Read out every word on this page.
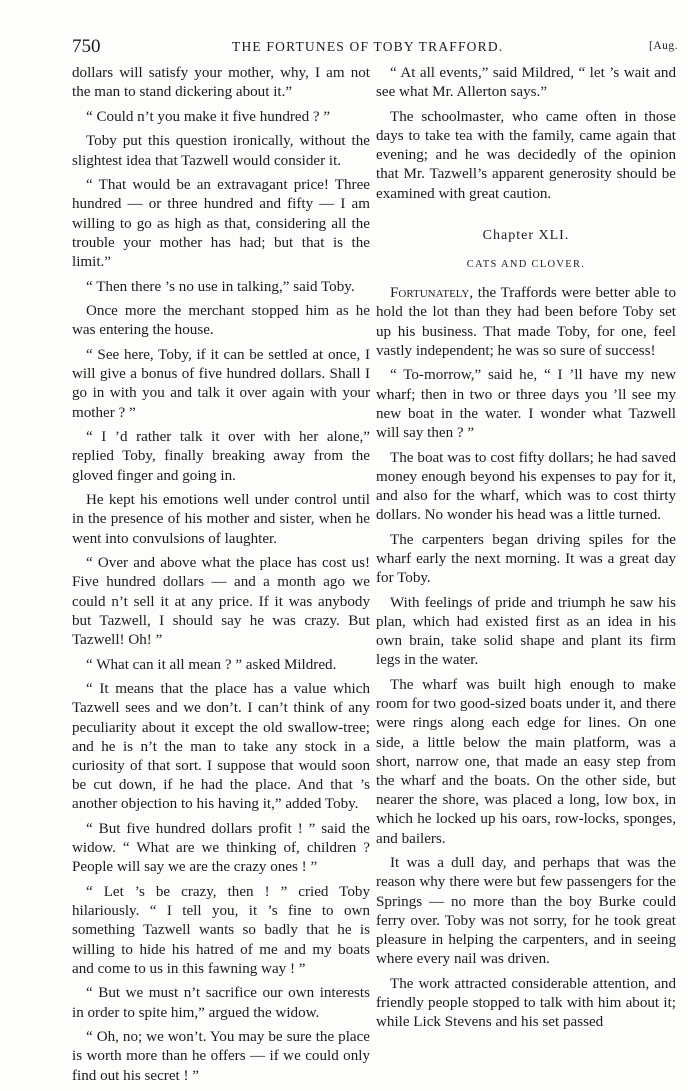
750	THE FORTUNES OF TOBY TRAFFORD.	[Aug.

dollars will satisfy your mother, why, I am not the man to stand dickering about it.”

“ Could n’t you make it five hundred ? ”

Toby put this question ironically, without the slightest idea that Tazwell would consider it.

“ That would be an extravagant price! Three hundred — or three hundred and fifty — I am willing to go as high as that, considering all the trouble your mother has had; but that is the limit.”

“ Then there ’s no use in talking,” said Toby.

Once more the merchant stopped him as he was entering the house.

“ See here, Toby, if it can be settled at once, I will give a bonus of five hundred dollars. Shall I go in with you and talk it over again with your mother ? ”

“ I ’d rather talk it over with her alone,” replied Toby, finally breaking away from the gloved finger and going in.

He kept his emotions well under control until in the presence of his mother and sister, when he went into convulsions of laughter.

“ Over and above what the place has cost us! Five hundred dollars — and a month ago we could n’t sell it at any price. If it was anybody but Tazwell, I should say he was crazy. But Tazwell! Oh! ”

“ What can it all mean ? ” asked Mildred.

“ It means that the place has a value which Tazwell sees and we don’t. I can’t think of any peculiarity about it except the old swallow-tree; and he is n’t the man to take any stock in a curiosity of that sort. I suppose that would soon be cut down, if he had the place. And that ’s another objection to his having it,” added Toby.

“ But five hundred dollars profit ! ” said the widow. “ What are we thinking of, children ? People will say we are the crazy ones ! ”

“ Let ’s be crazy, then ! ” cried Toby hilariously. “ I tell you, it ’s fine to own something Tazwell wants so badly that he is willing to hide his hatred of me and my boats and come to us in this fawning way ! ”

“ But we must n’t sacrifice our own interests in order to spite him,” argued the widow.

“ Oh, no; we won’t. You may be sure the place is worth more than he offers — if we could only find out his secret ! ”

“ At all events,” said Mildred, “ let ’s wait and see what Mr. Allerton says.”

The schoolmaster, who came often in those days to take tea with the family, came again that evening; and he was decidedly of the opinion that Mr. Tazwell’s apparent generosity should be examined with great caution.

Chapter XLI.
CATS AND CLOVER.

Fortunately, the Traffords were better able to hold the lot than they had been before Toby set up his business. That made Toby, for one, feel vastly independent; he was so sure of success!

“ To-morrow,” said he, “ I ’ll have my new wharf; then in two or three days you ’ll see my new boat in the water. I wonder what Tazwell will say then ? ”

The boat was to cost fifty dollars; he had saved money enough beyond his expenses to pay for it, and also for the wharf, which was to cost thirty dollars. No wonder his head was a little turned.

The carpenters began driving spiles for the wharf early the next morning. It was a great day for Toby.

With feelings of pride and triumph he saw his plan, which had existed first as an idea in his own brain, take solid shape and plant its firm legs in the water.

The wharf was built high enough to make room for two good-sized boats under it, and there were rings along each edge for lines. On one side, a little below the main platform, was a short, narrow one, that made an easy step from the wharf and the boats. On the other side, but nearer the shore, was placed a long, low box, in which he locked up his oars, row-locks, sponges, and bailers.

It was a dull day, and perhaps that was the reason why there were but few passengers for the Springs — no more than the boy Burke could ferry over. Toby was not sorry, for he took great pleasure in helping the carpenters, and in seeing where every nail was driven.

The work attracted considerable attention, and friendly people stopped to talk with him about it; while Lick Stevens and his set passed
